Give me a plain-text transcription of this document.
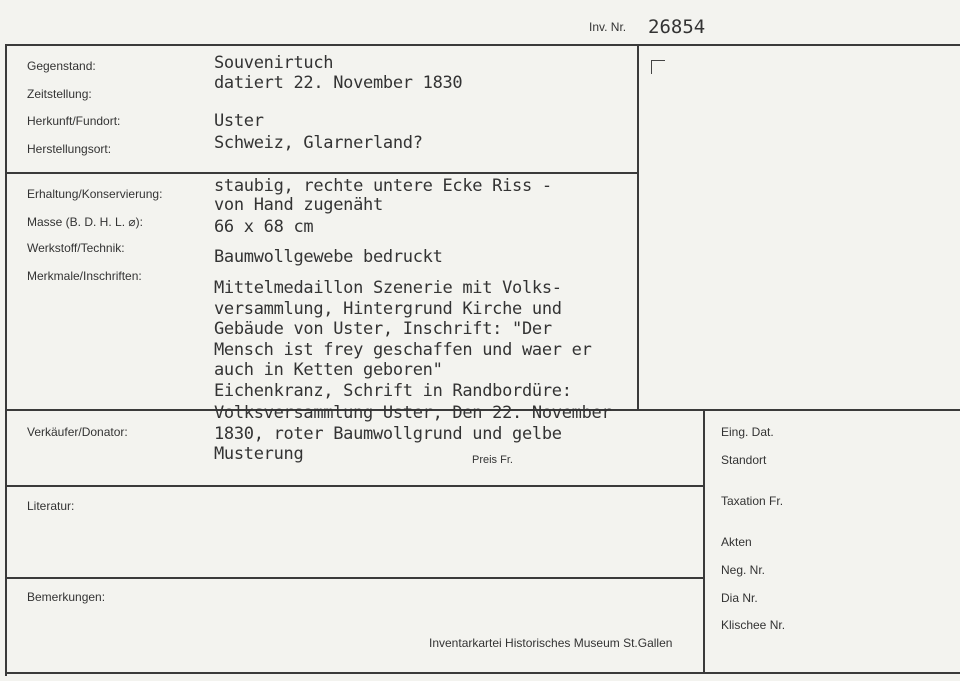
Inv. Nr. 26854
Gegenstand:
Zeitstellung:
Herkunft/Fundort:
Herstellungsort:
Erhaltung/Konservierung:
Masse (B. D. H. L. ⌀):
Werkstoff/Technik:
Merkmale/Inschriften:
Verkäufer/Donator:
Preis Fr.
Literatur:
Bemerkungen:
Eing. Dat.
Standort
Taxation Fr.
Akten
Neg. Nr.
Dia Nr.
Klischee Nr.
Inventarkartei Historisches Museum St.Gallen
Souvenirtuch
datiert 22. November 1830
Uster
Schweiz, Glarnerland?
staubig, rechte untere Ecke Riss -
von Hand zugenäht
66 x 68 cm
Baumwollgewebe bedruckt
Mittelmedaillon Szenerie mit Volks-
versammlung, Hintergrund Kirche und
Gebäude von Uster, Inschrift: "Der
Mensch ist frey geschaffen und waer er
auch in Ketten geboren"
Eichenkranz, Schrift in Randbordüre:
Volksversammlung Uster, Den 22. November
1830, roter Baumwollgrund und gelbe
Musterung
